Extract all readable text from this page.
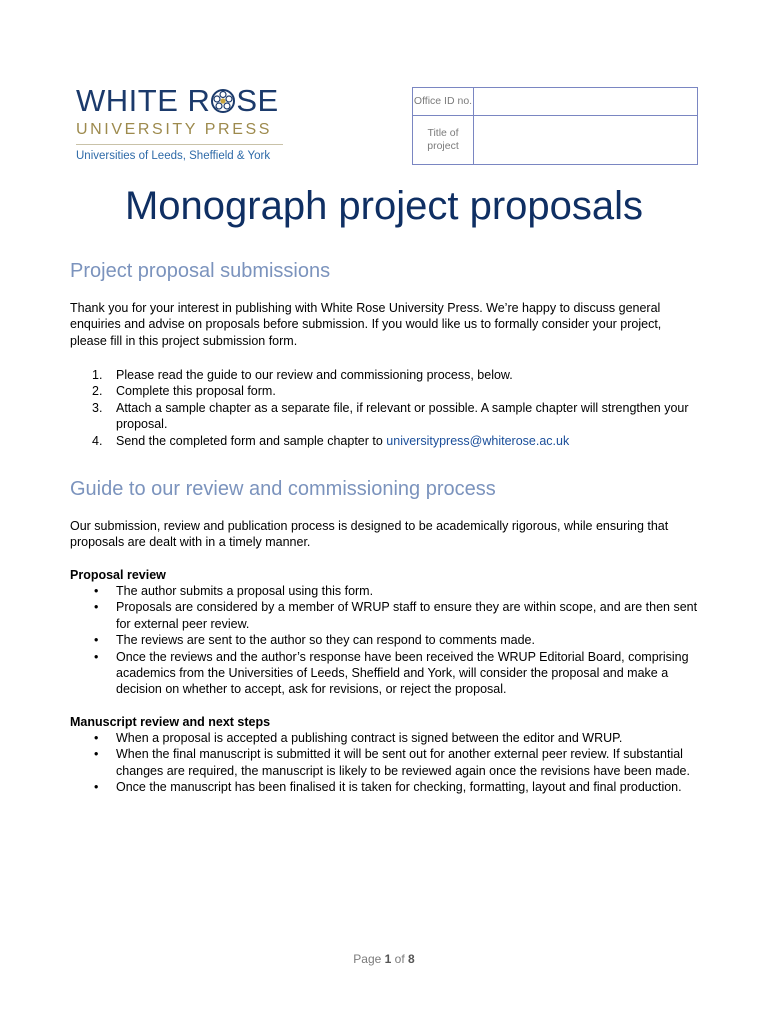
WHITE R SE
UNIVERSITY PRESS
Universities of Leeds, Sheffield & York
Office ID no.	
Title of project	
Monograph project proposals
Project proposal submissions
Thank you for your interest in publishing with White Rose University Press. We’re happy to discuss general enquiries and advise on proposals before submission. If you would like us to formally consider your project, please fill in this project submission form.
1. Please read the guide to our review and commissioning process, below.
2. Complete this proposal form.
3. Attach a sample chapter as a separate file, if relevant or possible. A sample chapter will strengthen your proposal.
4. Send the completed form and sample chapter to universitypress@whiterose.ac.uk
Guide to our review and commissioning process
Our submission, review and publication process is designed to be academically rigorous, while ensuring that proposals are dealt with in a timely manner.
Proposal review
• The author submits a proposal using this form.
• Proposals are considered by a member of WRUP staff to ensure they are within scope, and are then sent for external peer review.
• The reviews are sent to the author so they can respond to comments made.
• Once the reviews and the author’s response have been received the WRUP Editorial Board, comprising academics from the Universities of Leeds, Sheffield and York, will consider the proposal and make a decision on whether to accept, ask for revisions, or reject the proposal.
Manuscript review and next steps
• When a proposal is accepted a publishing contract is signed between the editor and WRUP.
• When the final manuscript is submitted it will be sent out for another external peer review. If substantial changes are required, the manuscript is likely to be reviewed again once the revisions have been made.
• Once the manuscript has been finalised it is taken for checking, formatting, layout and final production.
Page 1 of 8
